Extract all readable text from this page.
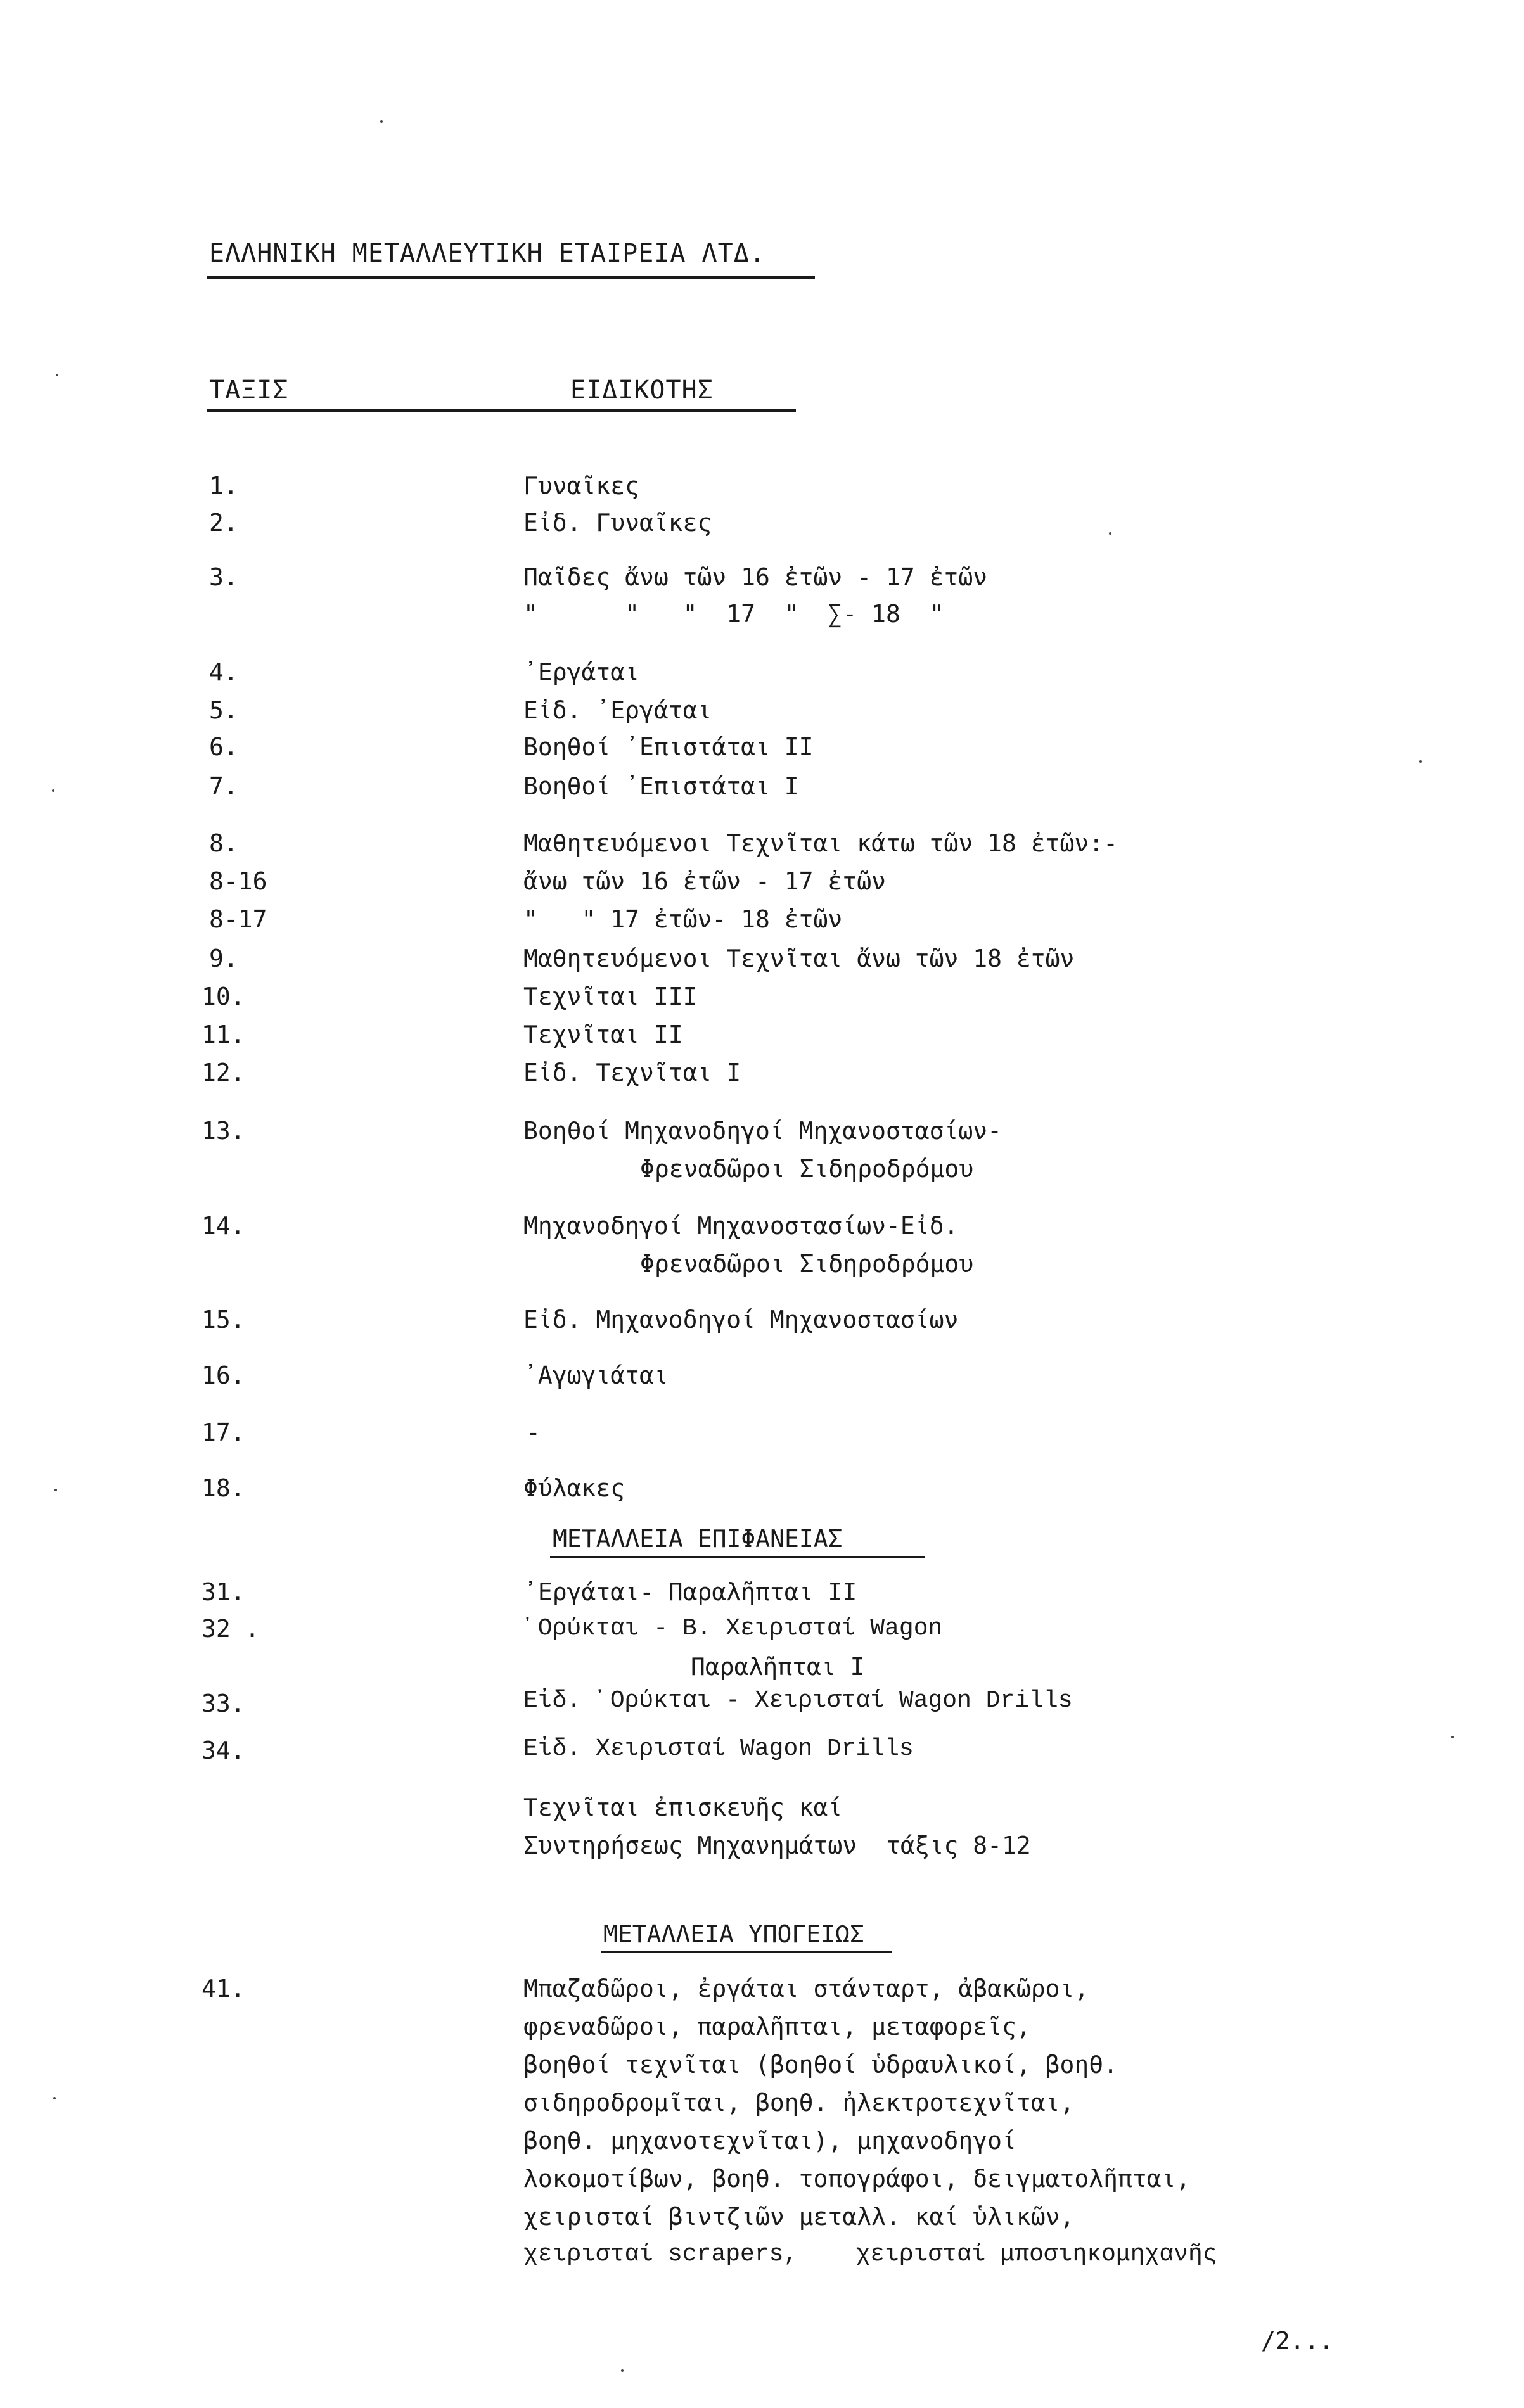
ΕΛΛΗΝΙΚΗ ΜΕΤΑΛΛΕΥΤΙΚΗ ΕΤΑΙΡΕΙΑ ΛΤΔ.
ΤΑΞΙΣ	ΕΙΔΙΚΟΤΗΣ
1.	Γυναῖκες
2.	Εἰδ. Γυναῖκες
3.	Παῖδες ἄνω τῶν 16 ἐτῶν - 17 ἐτῶν
"      "   "  17  "  ∑- 18  "
4.	᾿Εργάται
5.	Εἰδ. ᾿Εργάται
6.	Βοηθοί ᾿Επιστάται II
7.	Βοηθοί ᾿Επιστάται I
8.	Μαθητευόμενοι Τεχνῖται κάτω τῶν 18 ἐτῶν:-
8-16	ἄνω τῶν 16 ἐτῶν - 17 ἐτῶν
8-17	"   " 17 ἐτῶν- 18 ἐτῶν
9.	Μαθητευόμενοι Τεχνῖται ἄνω τῶν 18 ἐτῶν
10.	Τεχνῖται III
11.	Τεχνῖται II
12.	Εἰδ. Τεχνῖται I
13.	Βοηθοί Μηχανοδηγοί Μηχανοστασίων-
Φρεναδῶροι Σιδηροδρόμου
14.	Μηχανοδηγοί Μηχανοστασίων-Εἰδ.
Φρεναδῶροι Σιδηροδρόμου
15.	Εἰδ. Μηχανοδηγοί Μηχανοστασίων
16.	᾿Αγωγιάται
17.	-
18.	Φύλακες
ΜΕΤΑΛΛΕΙΑ ΕΠΙΦΑΝΕΙΑΣ
31.	᾿Εργάται- Παραλῆπται II
32 .	᾿Ορύκται - Β. Χειρισταί Wagon
Παραλῆπται I
33.	Εἰδ. ᾿Ορύκται - Χειρισταί Wagon Drills
34.	Εἰδ. Χειρισταί Wagon Drills
Τεχνῖται ἐπισκευῆς καί
Συντηρήσεως Μηχανημάτων  τάξις 8-12
ΜΕΤΑΛΛΕΙΑ ΥΠΟΓΕΙΩΣ
41.	Μπαζαδῶροι, ἐργάται στάνταρτ, ἀβακῶροι,
φρεναδῶροι, παραλῆπται, μεταφορεῖς,
βοηθοί τεχνῖται (βοηθοί ὑδραυλικοί, βοηθ.
σιδηροδρομῖται, βοηθ. ἠλεκτροτεχνῖται,
βοηθ. μηχανοτεχνῖται), μηχανοδηγοί
λοκομοτίβων, βοηθ. τοπογράφοι, δειγματολῆπται,
χειρισταί βιντζιῶν μεταλλ. καί ὑλικῶν,
χειρισταί scrapers,    χειρισταί μποσιηκομηχανῆς
/2...
